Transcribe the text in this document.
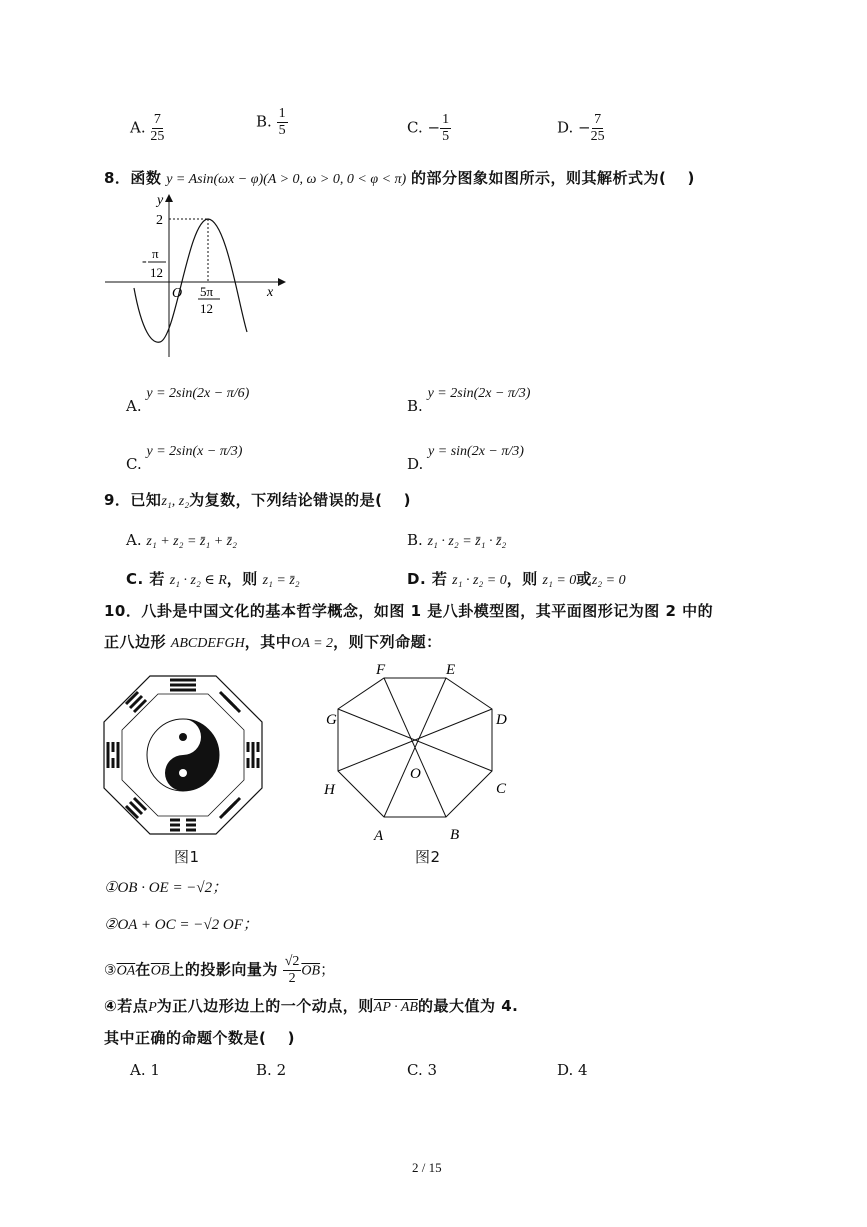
A. $\frac{7}{25}$	B. $\frac{1}{5}$	C. − $\frac{1}{5}$	D. − $\frac{7}{25}$
8．函数 y = Asin(ωx − φ)(A > 0, ω > 0, 0 < φ < π) 的部分图象如图所示，则其解析式为(　 )
y
x
2
O
-
π
12
5π
12
A. y = 2sin(2x − π/6)
B. y = 2sin(2x − π/3)
C. y = 2sin(x − π/3)
D. y = sin(2x − π/3)
9．已知z₁, z₂为复数，下列结论错误的是(　 )
A. z₁ + z₂ = z̄₁ + z̄₂	B. z₁ · z₂ = z̄₁ · z̄₂
C. 若 z₁ · z₂ ∈ R，则 z₁ = z̄₂	D. 若 z₁ · z₂ = 0，则 z₁ = 0或z₂ = 0
10．八卦是中国文化的基本哲学概念，如图 1 是八卦模型图，其平面图形记为图 2 中的
正八边形 ABCDEFGH，其中OA = 2，则下列命题：
图1
A	B
C
D
E
F
G
H
O
图2
①OB · OE = −√2；
②OA + OC = −√2 OF；
$③\overline{OA}$在$\overline{OB}$上的投影向量为 $\frac{√2}{2} \overline{OB}$；
④若点P为正八边形边上的一个动点，则AP · AB的最大值为 4.
其中正确的命题个数是(　 )
A. 1	B. 2	C. 3	D. 4
2 / 15
